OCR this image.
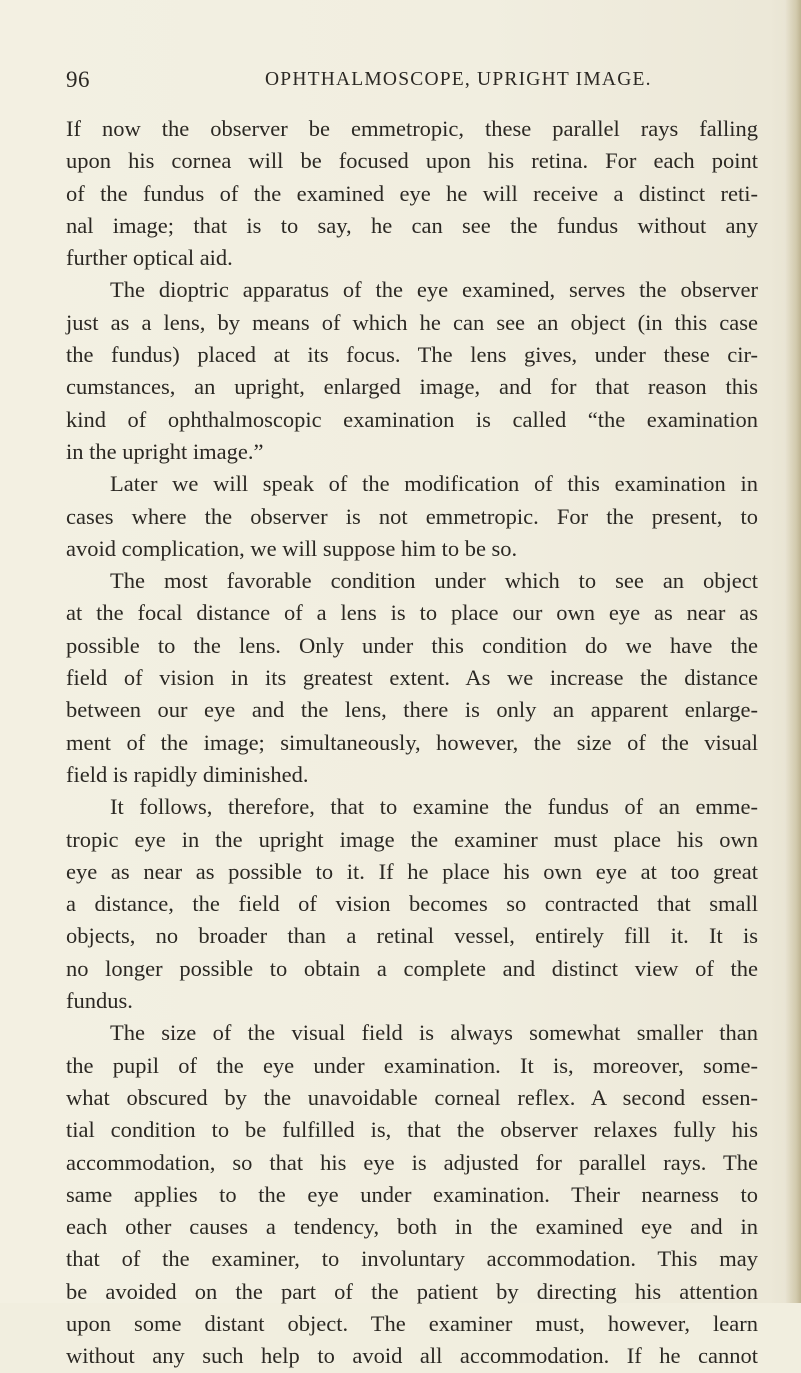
96	OPHTHALMOSCOPE, UPRIGHT IMAGE.
If now the observer be emmetropic, these parallel rays falling
upon his cornea will be focused upon his retina. For each point
of the fundus of the examined eye he will receive a distinct reti-
nal image; that is to say, he can see the fundus without any
further optical aid.
The dioptric apparatus of the eye examined, serves the observer
just as a lens, by means of which he can see an object (in this case
the fundus) placed at its focus. The lens gives, under these cir-
cumstances, an upright, enlarged image, and for that reason this
kind of ophthalmoscopic examination is called “the examination
in the upright image.”
Later we will speak of the modification of this examination in
cases where the observer is not emmetropic. For the present, to
avoid complication, we will suppose him to be so.
The most favorable condition under which to see an object
at the focal distance of a lens is to place our own eye as near as
possible to the lens. Only under this condition do we have the
field of vision in its greatest extent. As we increase the distance
between our eye and the lens, there is only an apparent enlarge-
ment of the image; simultaneously, however, the size of the visual
field is rapidly diminished.
It follows, therefore, that to examine the fundus of an emme-
tropic eye in the upright image the examiner must place his own
eye as near as possible to it. If he place his own eye at too great
a distance, the field of vision becomes so contracted that small
objects, no broader than a retinal vessel, entirely fill it. It is
no longer possible to obtain a complete and distinct view of the
fundus.
The size of the visual field is always somewhat smaller than
the pupil of the eye under examination. It is, moreover, some-
what obscured by the unavoidable corneal reflex. A second essen-
tial condition to be fulfilled is, that the observer relaxes fully his
accommodation, so that his eye is adjusted for parallel rays. The
same applies to the eye under examination. Their nearness to
each other causes a tendency, both in the examined eye and in
that of the examiner, to involuntary accommodation. This may
be avoided on the part of the patient by directing his attention
upon some distant object. The examiner must, however, learn
without any such help to avoid all accommodation. If he cannot
